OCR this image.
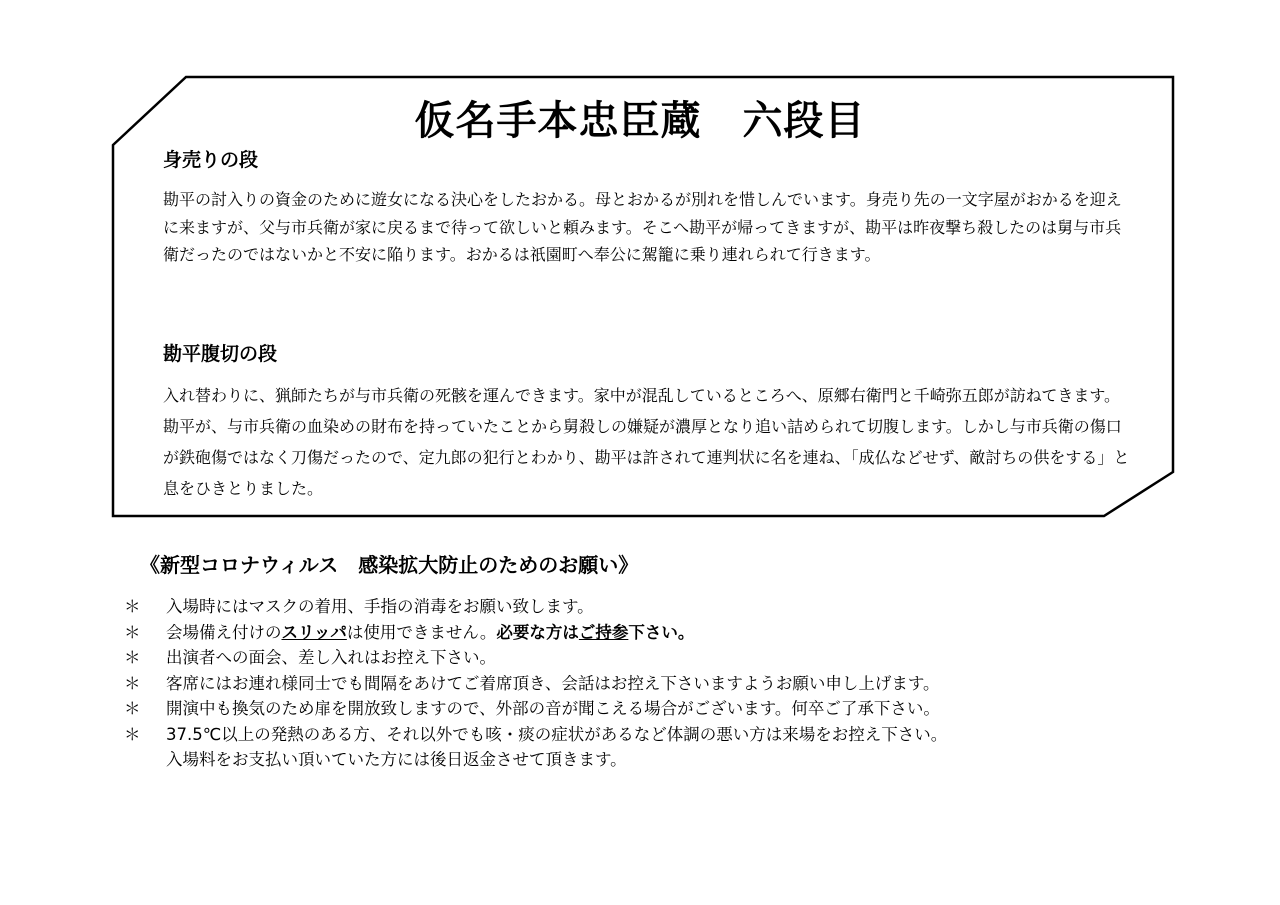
仮名手本忠臣蔵　六段目
身売りの段

勘平の討入りの資金のために遊女になる決心をしたおかる。母とおかるが別れを惜しんでいます。身売り先の一文字屋がおかるを迎えに来ますが、父与市兵衛が家に戻るまで待って欲しいと頼みます。そこへ勘平が帰ってきますが、勘平は昨夜撃ち殺したのは舅与市兵衛だったのではないかと不安に陥ります。おかるは祇園町へ奉公に駕籠に乗り連れられて行きます。

勘平腹切の段

入れ替わりに、猟師たちが与市兵衛の死骸を運んできます。家中が混乱しているところへ、原郷右衛門と千崎弥五郎が訪ねてきます。勘平が、与市兵衛の血染めの財布を持っていたことから舅殺しの嫌疑が濃厚となり追い詰められて切腹します。しかし与市兵衛の傷口が鉄砲傷ではなく刀傷だったので、定九郎の犯行とわかり、勘平は許されて連判状に名を連ね、「成仏などせず、敵討ちの供をする」と息をひきとりました。

《新型コロナウィルス　感染拡大防止のためのお願い》
＊ 入場時にはマスクの着用、手指の消毒をお願い致します。
＊ 会場備え付けのスリッパは使用できません。必要な方はご持参下さい。
＊ 出演者への面会、差し入れはお控え下さい。
＊ 客席にはお連れ様同士でも間隔をあけてご着席頂き、会話はお控え下さいますようお願い申し上げます。
＊ 開演中も換気のため扉を開放致しますので、外部の音が聞こえる場合がございます。何卒ご了承下さい。
＊ 37.5℃以上の発熱のある方、それ以外でも咳・痰の症状があるなど体調の悪い方は来場をお控え下さい。
入場料をお支払い頂いていた方には後日返金させて頂きます。
